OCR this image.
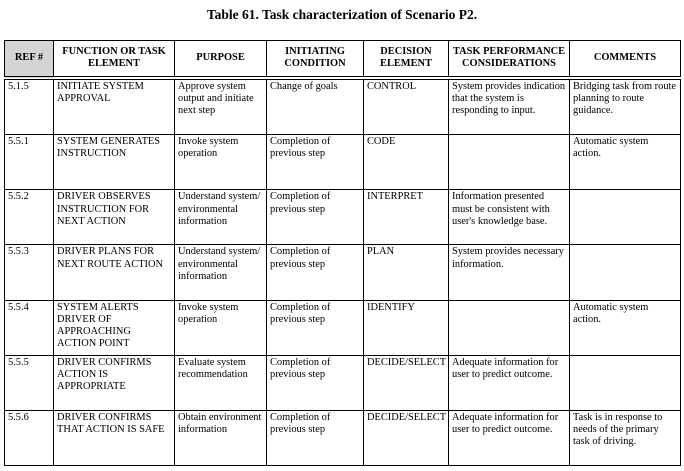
Table 61. Task characterization of Scenario P2.
REF #	FUNCTION OR TASK ELEMENT	PURPOSE	INITIATING CONDITION	DECISION ELEMENT	TASK PERFORMANCE CONSIDERATIONS	COMMENTS

5.1.5	INITIATE SYSTEM APPROVAL	Approve system output and initiate next step	Change of goals	CONTROL	System provides indication that the system is responding to input.	Bridging task from route planning to route guidance.
5.5.1	SYSTEM GENERATES INSTRUCTION	Invoke system operation	Completion of previous step	CODE		Automatic system action.
5.5.2	DRIVER OBSERVES INSTRUCTION FOR NEXT ACTION	Understand system/ environmental information	Completion of previous step	INTERPRET	Information presented must be consistent with user's knowledge base.	
5.5.3	DRIVER PLANS FOR NEXT ROUTE ACTION	Understand system/ environmental information	Completion of previous step	PLAN	System provides necessary information.	
5.5.4	SYSTEM ALERTS DRIVER OF APPROACHING ACTION POINT	Invoke system operation	Completion of previous step	IDENTIFY		Automatic system action.
5.5.5	DRIVER CONFIRMS ACTION IS APPROPRIATE	Evaluate system recommendation	Completion of previous step	DECIDE/SELECT	Adequate information for user to predict outcome.	
5.5.6	DRIVER CONFIRMS THAT ACTION IS SAFE	Obtain environment information	Completion of previous step	DECIDE/SELECT	Adequate information for user to predict outcome.	Task is in response to needs of the primary task of driving.
